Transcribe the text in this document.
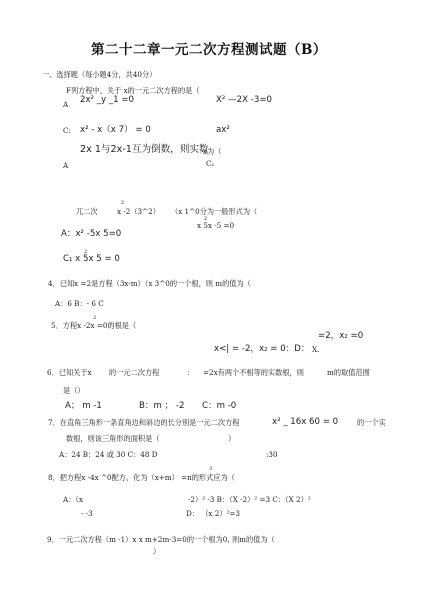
第二十二章一元二次方程测试题（B）
一、选择题（每小题4分，共40分）
F列方程中，关于 x的一元二次方程的是（
A 2x² _y _1 =0	X² —2X -3=0
C: x² - x（x 7） = 0	ax²
2x 1与2x-1互为倒数，则实数
x为（
A	C₁
2
兀二次	x -2（3^2） （x 1^0分为一般形式为（
x 5x -5 =0
2
A：x² -5x 5=0
2
C₁ x 5x 5 = 0
4．已知x =2是方程（3x-m）（x 3^0的一个根，则 m的值为（
A：6 B：- 6 C
2
5．方程x -2x =0的根是（
=2，x₂ =0
x<| = -2，x₂ = 0：D： X.
6．已知关于x 的一元二次方程	： =2x有两个不相等的实数根，则	m的取值范围
是（）
A； m -1	B：m ； -2 C：m -0
7．在直角三角形一条直角边和斜边的长分别是一元二次方程	x² _ 16x 60 = 0	的一个实
数根，则该三角形的面积是（	）
A：24 B：24 或 30 C：48 D	:30
3
8．把方程x -4x ^0配方，化为（x+m） =n的形式应为（
A：（x	-2）² -3 B：（X -2）² =3 C：（X 2）²
- -3	D： （x 2）²=3
9．一元二次方程（m -1）x x m+2m-3=0的一个根为0, 则m的值为（
）
